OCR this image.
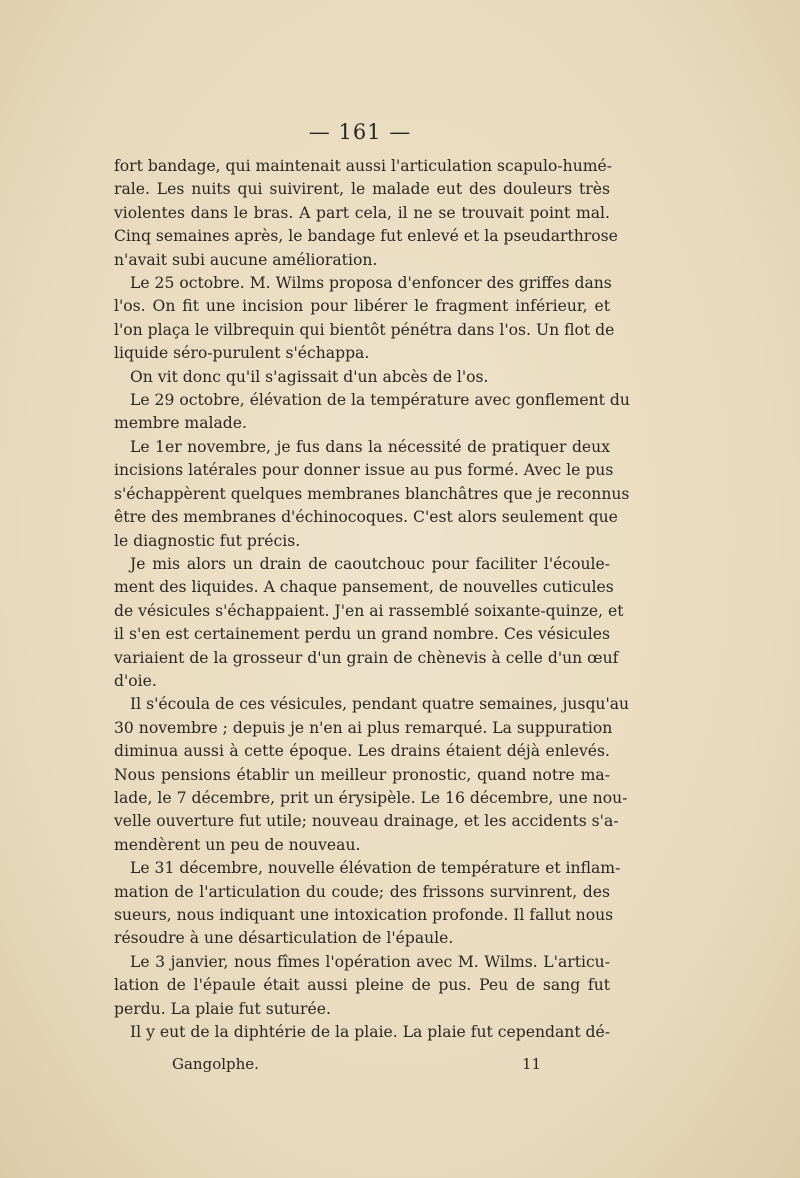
— 161 —

fort bandage, qui maintenait aussi l'articulation scapulo-humé-
rale. Les nuits qui suivirent, le malade eut des douleurs très
violentes dans le bras. A part cela, il ne se trouvait point mal.
Cinq semaines après, le bandage fut enlevé et la pseudarthrose
n'avait subi aucune amélioration.

Le 25 octobre. M. Wilms proposa d'enfoncer des griffes dans
l'os. On fit une incision pour libérer le fragment inférieur, et
l'on plaça le vilbrequin qui bientôt pénétra dans l'os. Un flot de
liquide séro-purulent s'échappa.

On vit donc qu'il s'agissait d'un abcès de l'os.

Le 29 octobre, élévation de la température avec gonflement du
membre malade.

Le 1er novembre, je fus dans la nécessité de pratiquer deux
incisions latérales pour donner issue au pus formé. Avec le pus
s'échappèrent quelques membranes blanchâtres que je reconnus
être des membranes d'échinocoques. C'est alors seulement que
le diagnostic fut précis.

Je mis alors un drain de caoutchouc pour faciliter l'écoule-
ment des liquides. A chaque pansement, de nouvelles cuticules
de vésicules s'échappaient. J'en ai rassemblé soixante-quinze, et
il s'en est certainement perdu un grand nombre. Ces vésicules
variaient de la grosseur d'un grain de chènevis à celle d'un œuf
d'oie.

Il s'écoula de ces vésicules, pendant quatre semaines, jusqu'au
30 novembre ; depuis je n'en ai plus remarqué. La suppuration
diminua aussi à cette époque. Les drains étaient déjà enlevés.
Nous pensions établir un meilleur pronostic, quand notre ma-
lade, le 7 décembre, prit un érysipèle. Le 16 décembre, une nou-
velle ouverture fut utile; nouveau drainage, et les accidents s'a-
mendèrent un peu de nouveau.

Le 31 décembre, nouvelle élévation de température et inflam-
mation de l'articulation du coude; des frissons survinrent, des
sueurs, nous indiquant une intoxication profonde. Il fallut nous
résoudre à une désarticulation de l'épaule.

Le 3 janvier, nous fîmes l'opération avec M. Wilms. L'articu-
lation de l'épaule était aussi pleine de pus. Peu de sang fut
perdu. La plaie fut suturée.

Il y eut de la diphtérie de la plaie. La plaie fut cependant dé-

Gangolphe.	11
